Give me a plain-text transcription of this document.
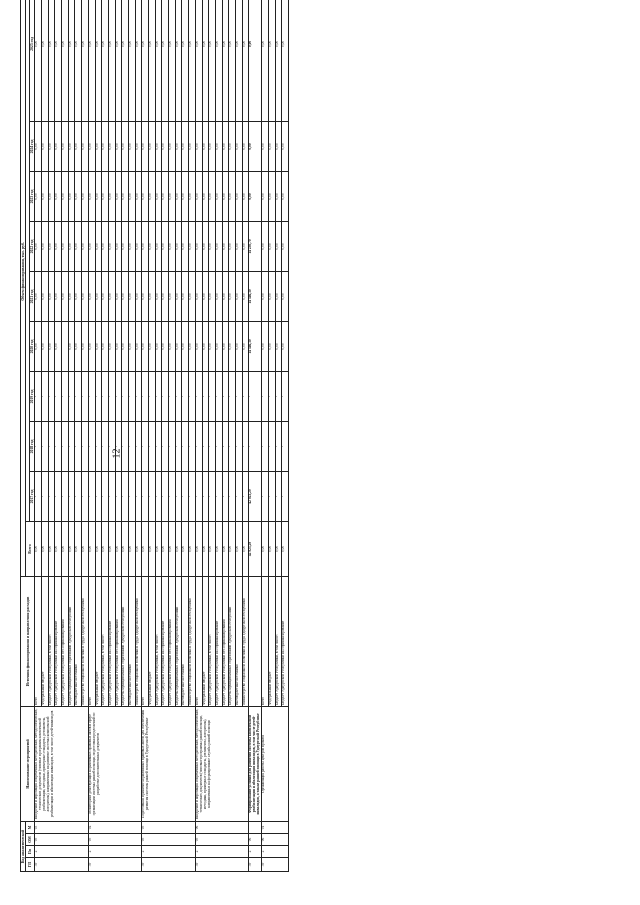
12
Код аналитической				Наименование мероприятий	Источник финансирования и направления расходов	Объем финансирования, тыс. руб.									
ГП	Пп	ОМ	М			Всего									
							2017 год	2018 год	2019 год	2020 год	2021 год	2022 год	2023 год	2024 год	2025 год
39	2	05	03	Внедрение и апробация современных методических, методологических, технических документов (типовые программы комплексной реабилитации, методики, примерные стандарты, регламенты, алгоритмы), направленных на развитие системы комплексной реабилитации и абилитации инвалидов, в том числе детей-инвалидов	всего	0,00	-	-	-	0,00	0,00	0,00	0,00	0,00	0,00
					Федеральный бюджет	0,00	-	-	-	0,00	0,00	0,00	0,00	0,00	0,00
					Бюджет Удмуртской Республики, в том числе:	0,00	-	-	-	0,00	0,00	0,00	0,00	0,00	0,00
					Бюджет Удмуртской Республики на софинансирование	0,00	-	-	-	0,00	0,00	0,00	0,00	0,00	0,00
					Бюджет Удмуртской Республики без софинансирования	0,00	-	-	-		0,00	0,00	0,00	0,00	0,00
					Бюджеты муниципальных образований Удмуртской Республики	0,00	-	-	-	0,00	0,00	0,00	0,00	0,00	0,00
					Внебюджетные источники	0,00	-	-	-	0,00	0,00	0,00	0,00	0,00	0,00
					Министерство социальной политики и труда Удмуртской Республики	0,00	-	-	-	0,00	0,00	0,00	0,00	0,00	0,00
39	2	05	04	Мониторинг действующих нормативных правовых актов в сфере организации системы ранней помощи, подготовка предложений по разработке дополнительных документов	всего	0,00	-	-	-	0,00	0,00	0,00	0,00	0,00	0,00
					Федеральный бюджет	0,00	-	-	-	0,00	0,00	0,00	0,00	0,00	0,00
					Бюджет Удмуртской Республики, в том числе:	0,00	-	-	-	0,00	0,00	0,00	0,00	0,00	0,00
					Бюджет Удмуртской Республики на софинансирование	0,00	-	-	-	0,00	0,00	0,00	0,00	0,00	0,00
					Бюджет Удмуртской Республики без софинансирования	0,00	-	-	-	0,00	0,00	0,00	0,00	0,00	0,00
					Бюджеты муниципальных образований Удмуртской Республики	0,00	-	-	-	0,00	0,00	0,00	0,00	0,00	0,00
					Внебюджетные источники	0,00	-	-	-	0,00	0,00	0,00	0,00	0,00	0,00
					Министерство социальной политики и труда Удмуртской Республики	0,00	-	-	-	0,00	0,00	0,00	0,00	0,00	0,00
39	2	05	05	Подготовка и принятие нормативных правовых актов для обеспечения развития системы ранней помощи в Удмуртской Республике	всего	0,00	-	-	-	0,00	0,00	0,00	0,00	0,00	0,00
					Федеральный бюджет	0,00	-	-	-	0,00	0,00	0,00	0,00	0,00	0,00
					Бюджет Удмуртской Республики, в том числе:	0,00	-	-	-	0,00	0,00	0,00	0,00	0,00	0,00
					Бюджет Удмуртской Республики на софинансирование	0,00	-	-	-	0,00	0,00	0,00	0,00	0,00	0,00
					Бюджет Удмуртской Республики без софинансирования	0,00	-	-	-	0,00	0,00	0,00	0,00	0,00	0,00
					Бюджеты муниципальных образований Удмуртской Республики	0,00	-	-	-	0,00	0,00	0,00	0,00	0,00	0,00
					Внебюджетные источники	0,00	-	-	-	0,00	0,00	0,00	0,00	0,00	0,00
					Министерство социальной политики и труда Удмуртской Республики	0,00	-	-	-	0,00	0,00	0,00	0,00	0,00	0,00
39	2	05	06	Внедрение и апробация современных методических, методологических, технических документов (типовые программы ранней помощи, методики, примерные стандарты, регламенты, алгоритмы), направленных на формирование службы ранней помощи	всего	0,00	-	-	-	0,00	0,00	0,00	0,00	0,00	0,00
					Федеральный бюджет	0,00	-	-	-	0,00	0,00	0,00	0,00	0,00	0,00
					Бюджет Удмуртской Республики, в том числе:	0,00	-	-	-	0,00	0,00	0,00	0,00	0,00	0,00
					Бюджет Удмуртской Республики на софинансирование	0,00	-	-	-	0,00	0,00	0,00	0,00	0,00	0,00
					Бюджет Удмуртской Республики без софинансирования	0,00	-	-	-	0,00	0,00	0,00	0,00	0,00	0,00
					Бюджеты муниципальных образований Удмуртской Республики	0,00	-	-	-	0,00	0,00	0,00	0,00	0,00	0,00
					Внебюджетные источники	0,00	-	-	-	0,00	0,00	0,00	0,00	0,00	0,00
					Министерство социальной политики и труда Удмуртской Республики	0,00	-	-	-	0,00	0,00	0,00	0,00	0,00	0,00
39	2	06		Формирование условий для развития системы комплексной реабилитации и абилитации инвалидов, в том числе детей-инвалидов, а также ранней помощи в Удмуртской Республике		42 923,29	42 923,29	-	-	14 346,30	14 346,30	14 230,70	0,00	0,00	0,00
39	2	06	01	Организация работы центров проката	всего	0,00	-	-	-	0,00	0,00	0,00	0,00	0,00	0,00
					Федеральный бюджет	0,00	-	-	-	0,00	0,00	0,00	0,00	0,00	0,00
					Бюджет Удмуртской Республики, в том числе:	0,00	-	-	-	0,00	0,00	0,00	0,00	0,00	0,00
					Бюджет Удмуртской Республики на софинансирование	0,00	-	-	-	0,00	0,00	0,00	0,00	0,00	0,00
